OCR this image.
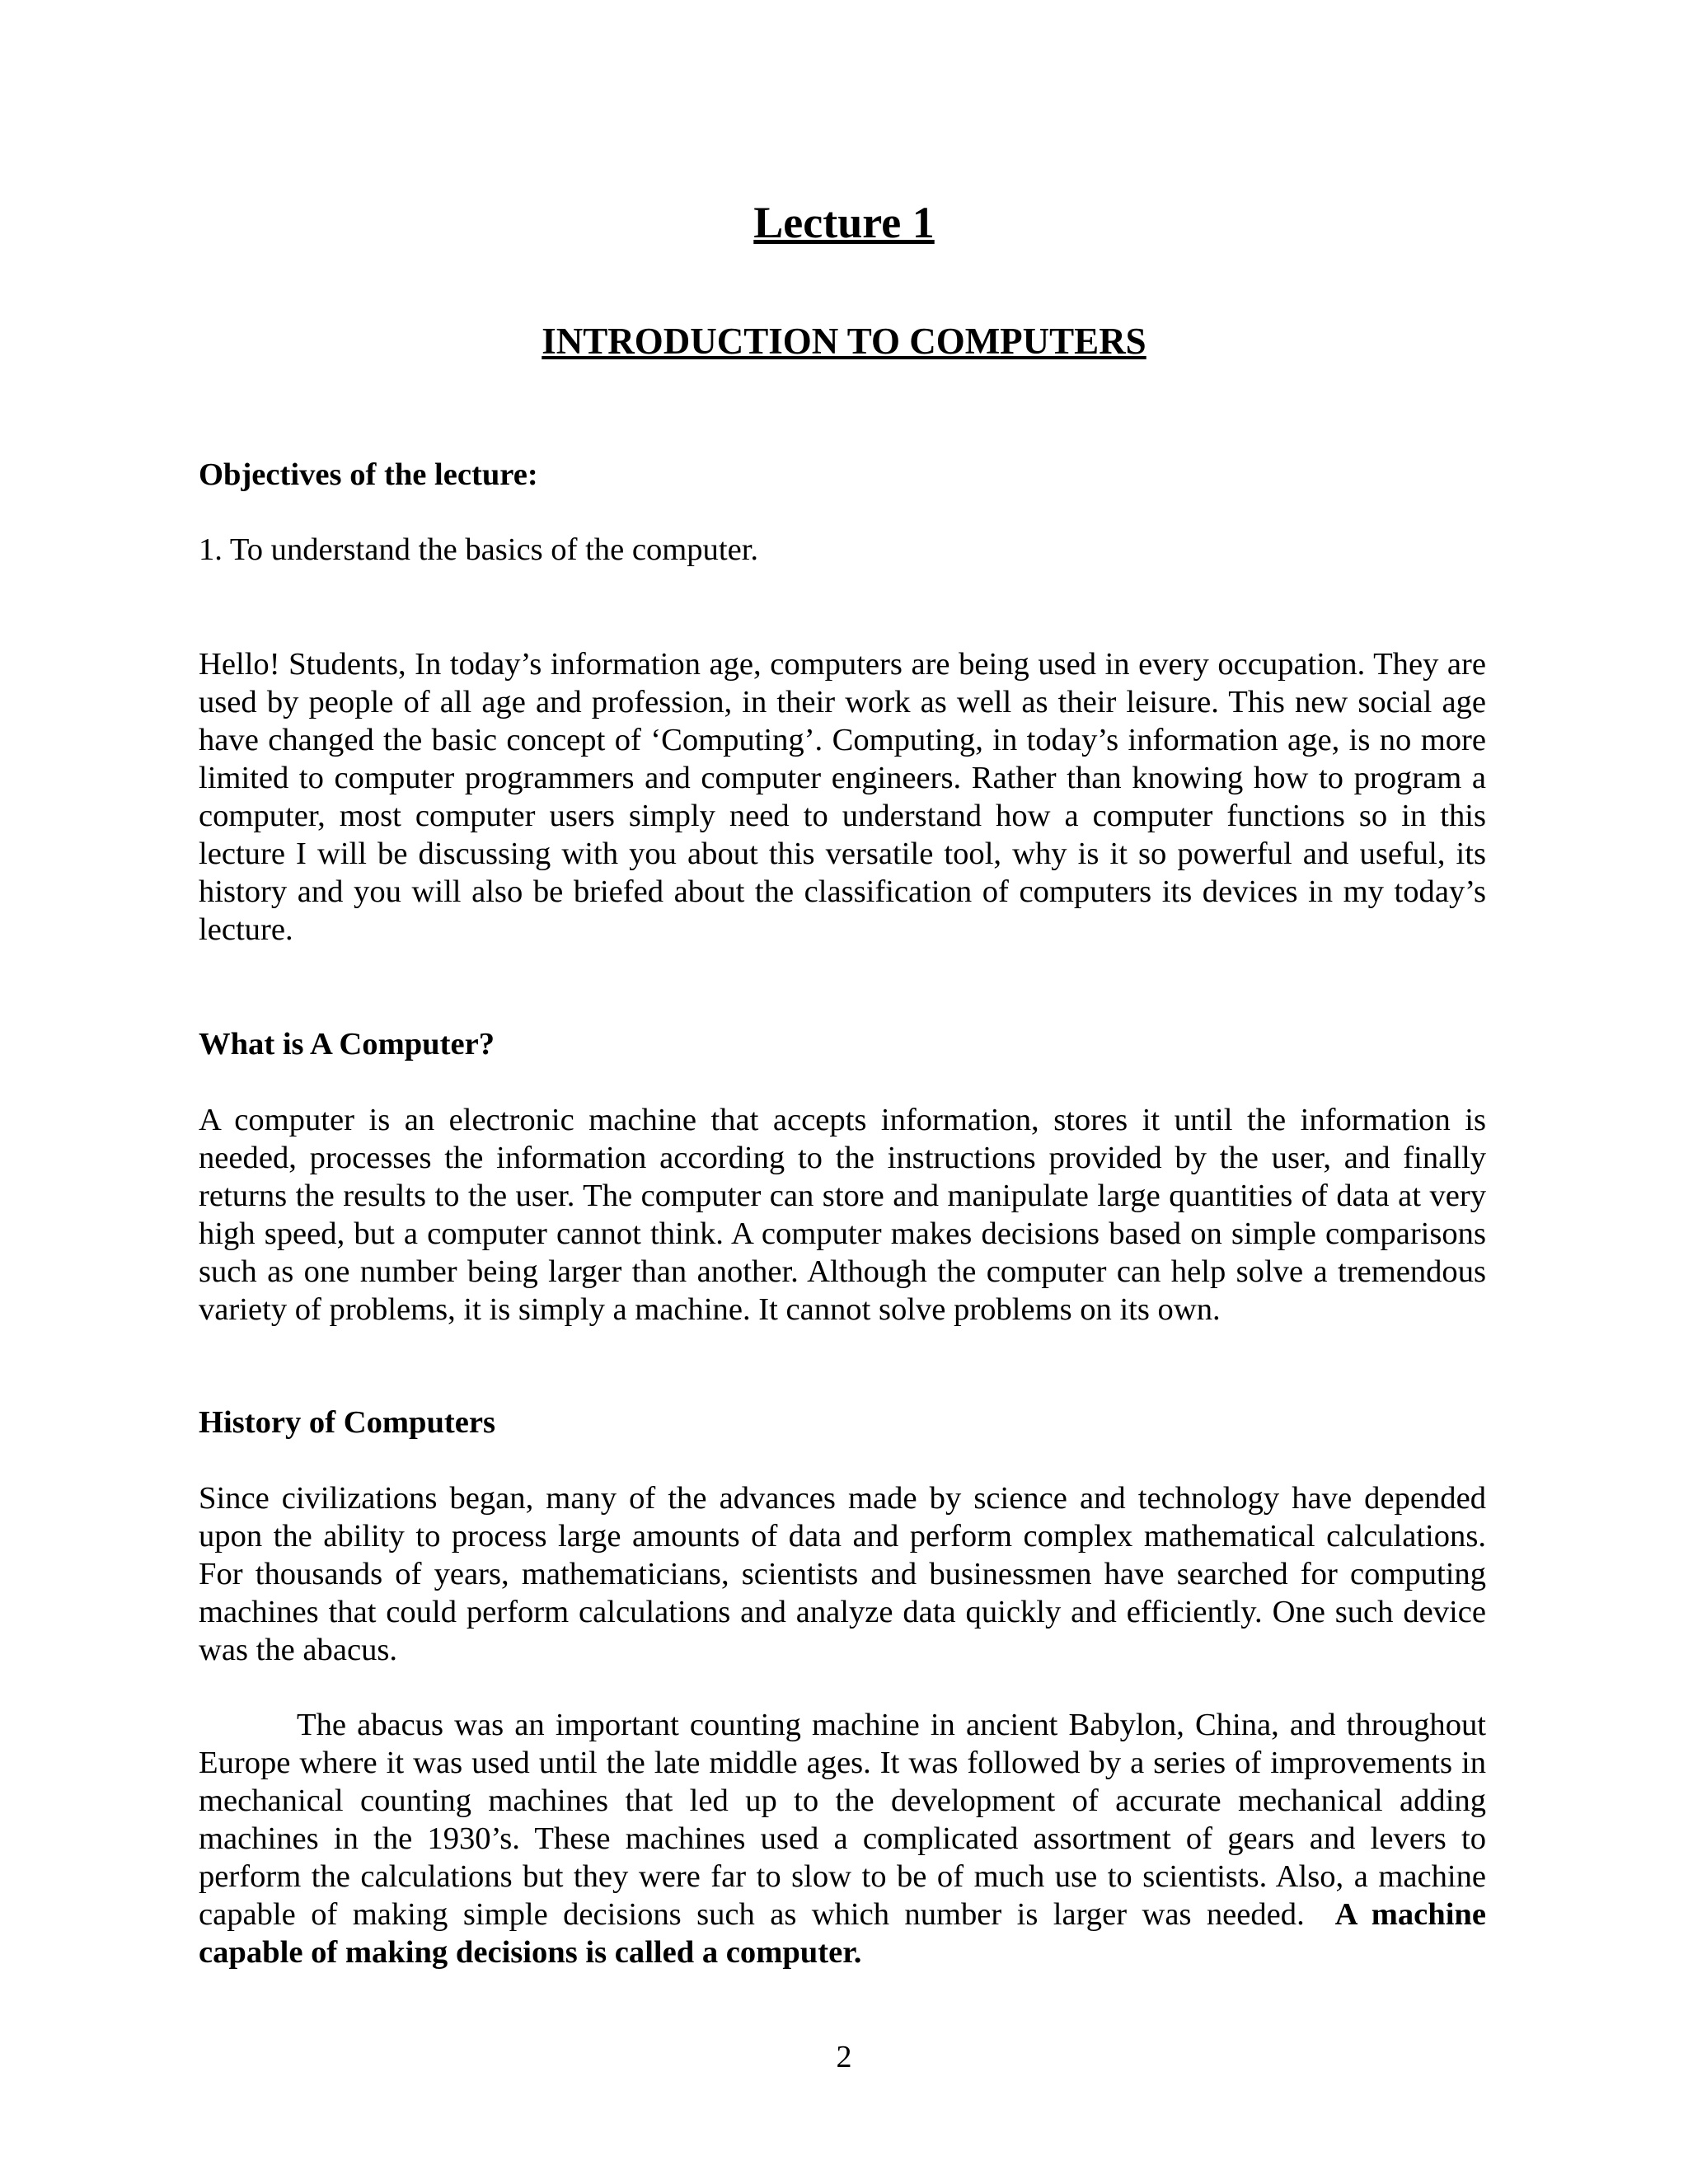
Lecture 1
INTRODUCTION TO COMPUTERS

Objectives of the lecture:

1. To understand the basics of the computer.

Hello! Students, In today’s information age, computers are being used in every occupation. They are used by people of all age and profession, in their work as well as their leisure. This new social age have changed the basic concept of ‘Computing’. Computing, in today’s information age, is no more limited to computer programmers and computer engineers. Rather than knowing how to program a computer, most computer users simply need to understand how a computer functions so in this lecture I will be discussing with you about this versatile tool, why is it so powerful and useful, its history and you will also be briefed about the classification of computers its devices in my today’s lecture.

What is A Computer?

A computer is an electronic machine that accepts information, stores it until the information is needed, processes the information according to the instructions provided by the user, and finally returns the results to the user. The computer can store and manipulate large quantities of data at very high speed, but a computer cannot think. A computer makes decisions based on simple comparisons such as one number being larger than another. Although the computer can help solve a tremendous variety of problems, it is simply a machine. It cannot solve problems on its own.

History of Computers

Since civilizations began, many of the advances made by science and technology have depended upon the ability to process large amounts of data and perform complex mathematical calculations. For thousands of years, mathematicians, scientists and businessmen have searched for computing machines that could perform calculations and analyze data quickly and efficiently. One such device was the abacus.

The abacus was an important counting machine in ancient Babylon, China, and throughout Europe where it was used until the late middle ages. It was followed by a series of improvements in mechanical counting machines that led up to the development of accurate mechanical adding machines in the 1930’s. These machines used a complicated assortment of gears and levers to perform the calculations but they were far to slow to be of much use to scientists. Also, a machine capable of making simple decisions such as which number is larger was needed. A machine capable of making decisions is called a computer.

2
